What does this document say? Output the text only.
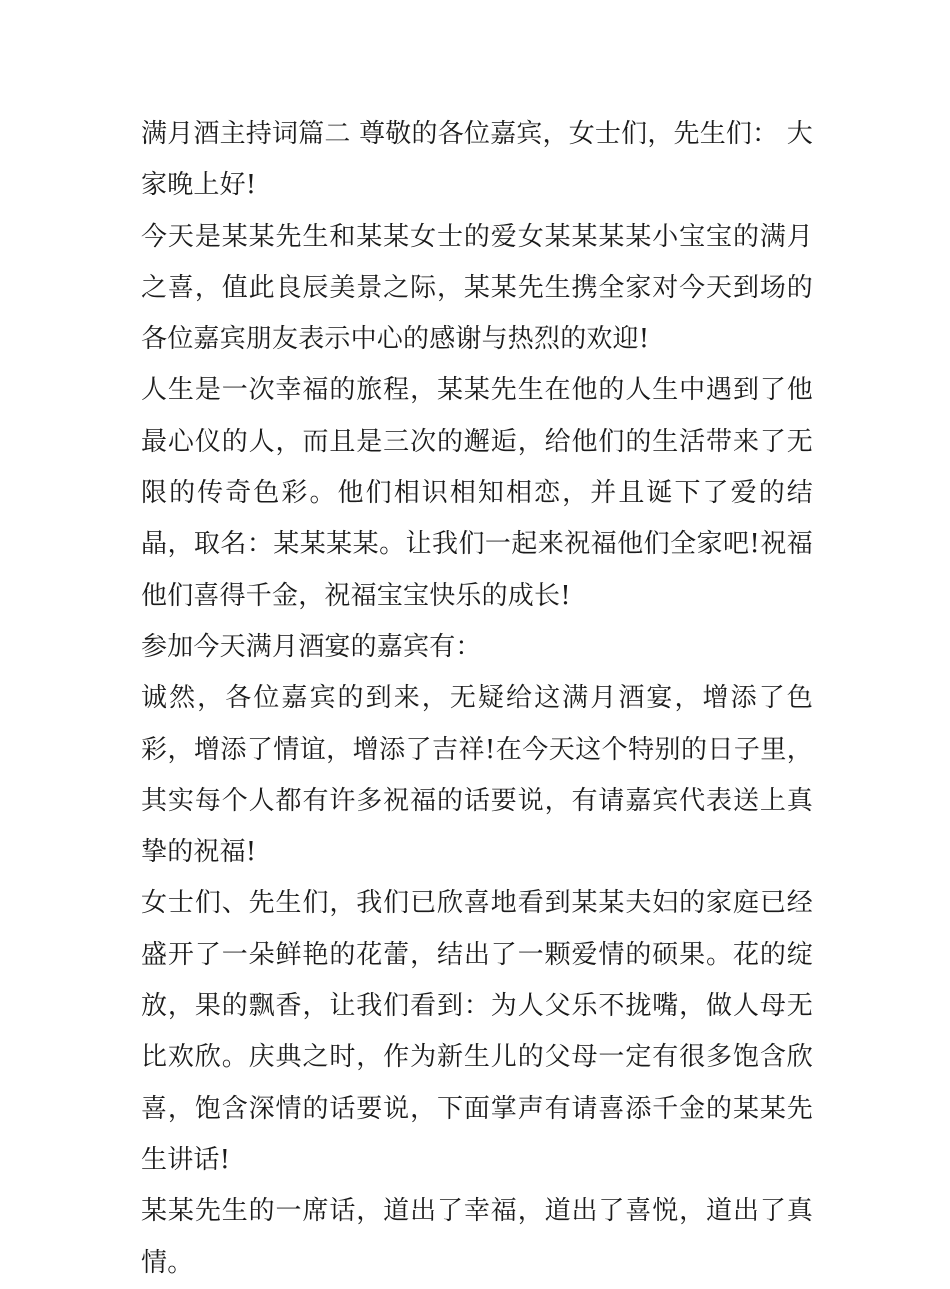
满月酒主持词篇二 尊敬的各位嘉宾，女士们，先生们： 大家晚上好!

今天是某某先生和某某女士的爱女某某某某小宝宝的满月之喜，值此良辰美景之际，某某先生携全家对今天到场的各位嘉宾朋友表示中心的感谢与热烈的欢迎!

人生是一次幸福的旅程，某某先生在他的人生中遇到了他最心仪的人，而且是三次的邂逅，给他们的生活带来了无限的传奇色彩。他们相识相知相恋，并且诞下了爱的结晶，取名：某某某某。让我们一起来祝福他们全家吧!祝福他们喜得千金，祝福宝宝快乐的成长!

参加今天满月酒宴的嘉宾有：

诚然，各位嘉宾的到来，无疑给这满月酒宴，增添了色彩，增添了情谊，增添了吉祥!在今天这个特别的日子里，其实每个人都有许多祝福的话要说，有请嘉宾代表送上真挚的祝福!

女士们、先生们，我们已欣喜地看到某某夫妇的家庭已经盛开了一朵鲜艳的花蕾，结出了一颗爱情的硕果。花的绽放，果的飘香，让我们看到：为人父乐不拢嘴，做人母无比欢欣。庆典之时，作为新生儿的父母一定有很多饱含欣喜，饱含深情的话要说，下面掌声有请喜添千金的某某先生讲话!

某某先生的一席话，道出了幸福，道出了喜悦，道出了真情。
